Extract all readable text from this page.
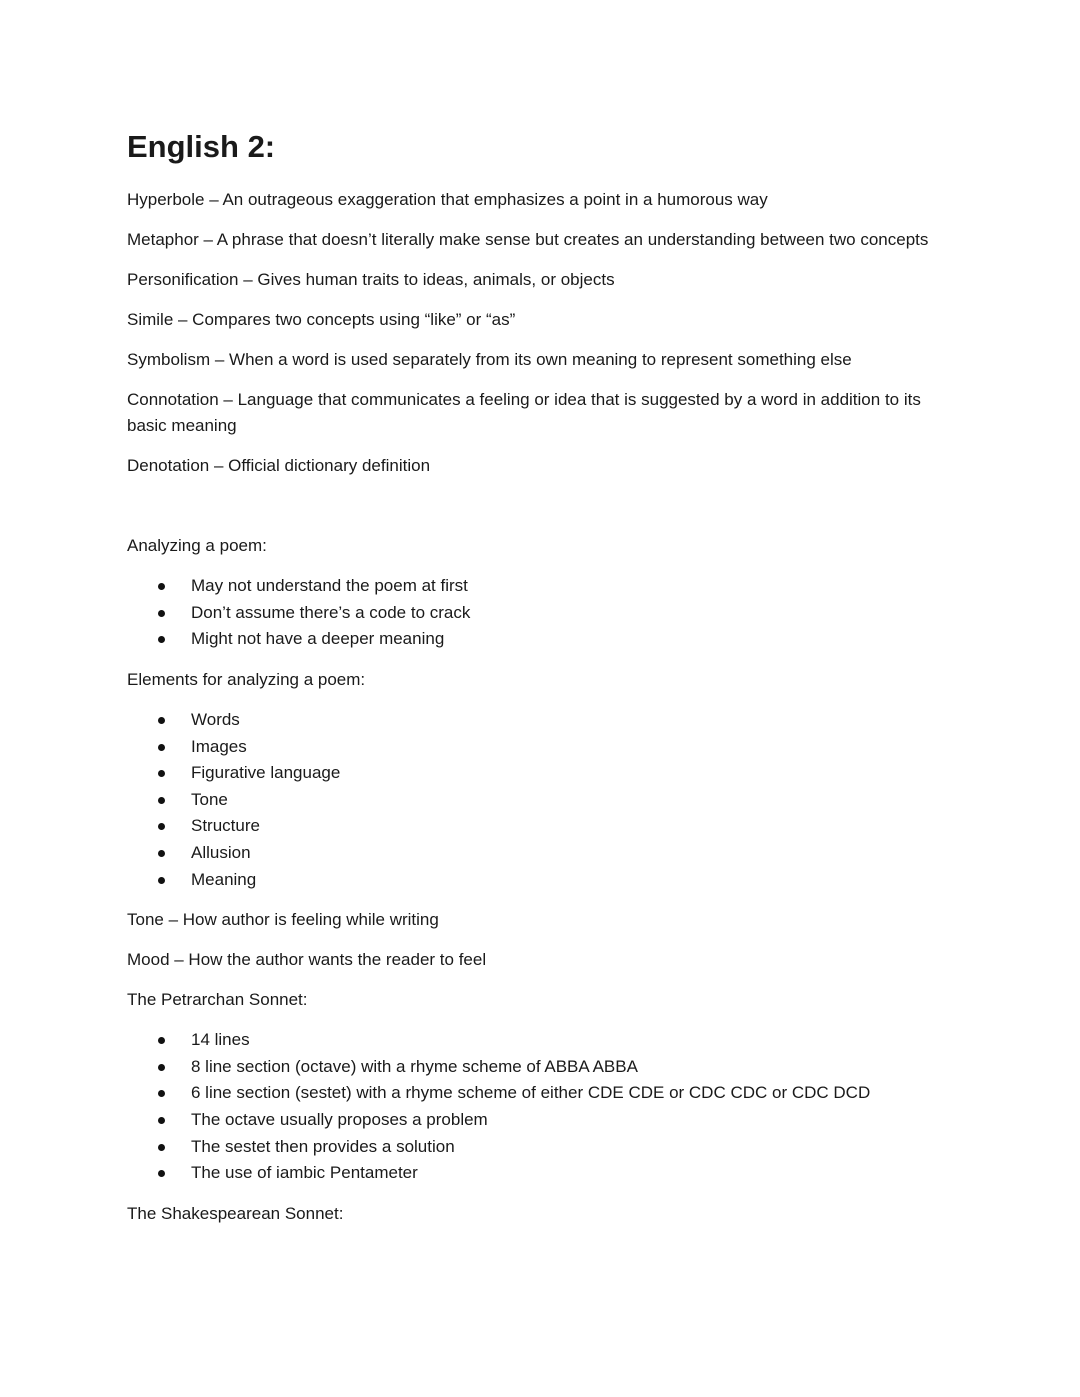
English 2:

Hyperbole – An outrageous exaggeration that emphasizes a point in a humorous way

Metaphor – A phrase that doesn’t literally make sense but creates an understanding between two concepts

Personification – Gives human traits to ideas, animals, or objects

Simile – Compares two concepts using “like” or “as”

Symbolism – When a word is used separately from its own meaning to represent something else

Connotation – Language that communicates a feeling or idea that is suggested by a word in addition to its basic meaning

Denotation – Official dictionary definition

Analyzing a poem:

May not understand the poem at first
Don’t assume there’s a code to crack
Might not have a deeper meaning

Elements for analyzing a poem:

Words
Images
Figurative language
Tone
Structure
Allusion
Meaning

Tone – How author is feeling while writing

Mood – How the author wants the reader to feel

The Petrarchan Sonnet:

14 lines
8 line section (octave) with a rhyme scheme of ABBA ABBA
6 line section (sestet) with a rhyme scheme of either CDE CDE or CDC CDC or CDC DCD
The octave usually proposes a problem
The sestet then provides a solution
The use of iambic Pentameter

The Shakespearean Sonnet:
